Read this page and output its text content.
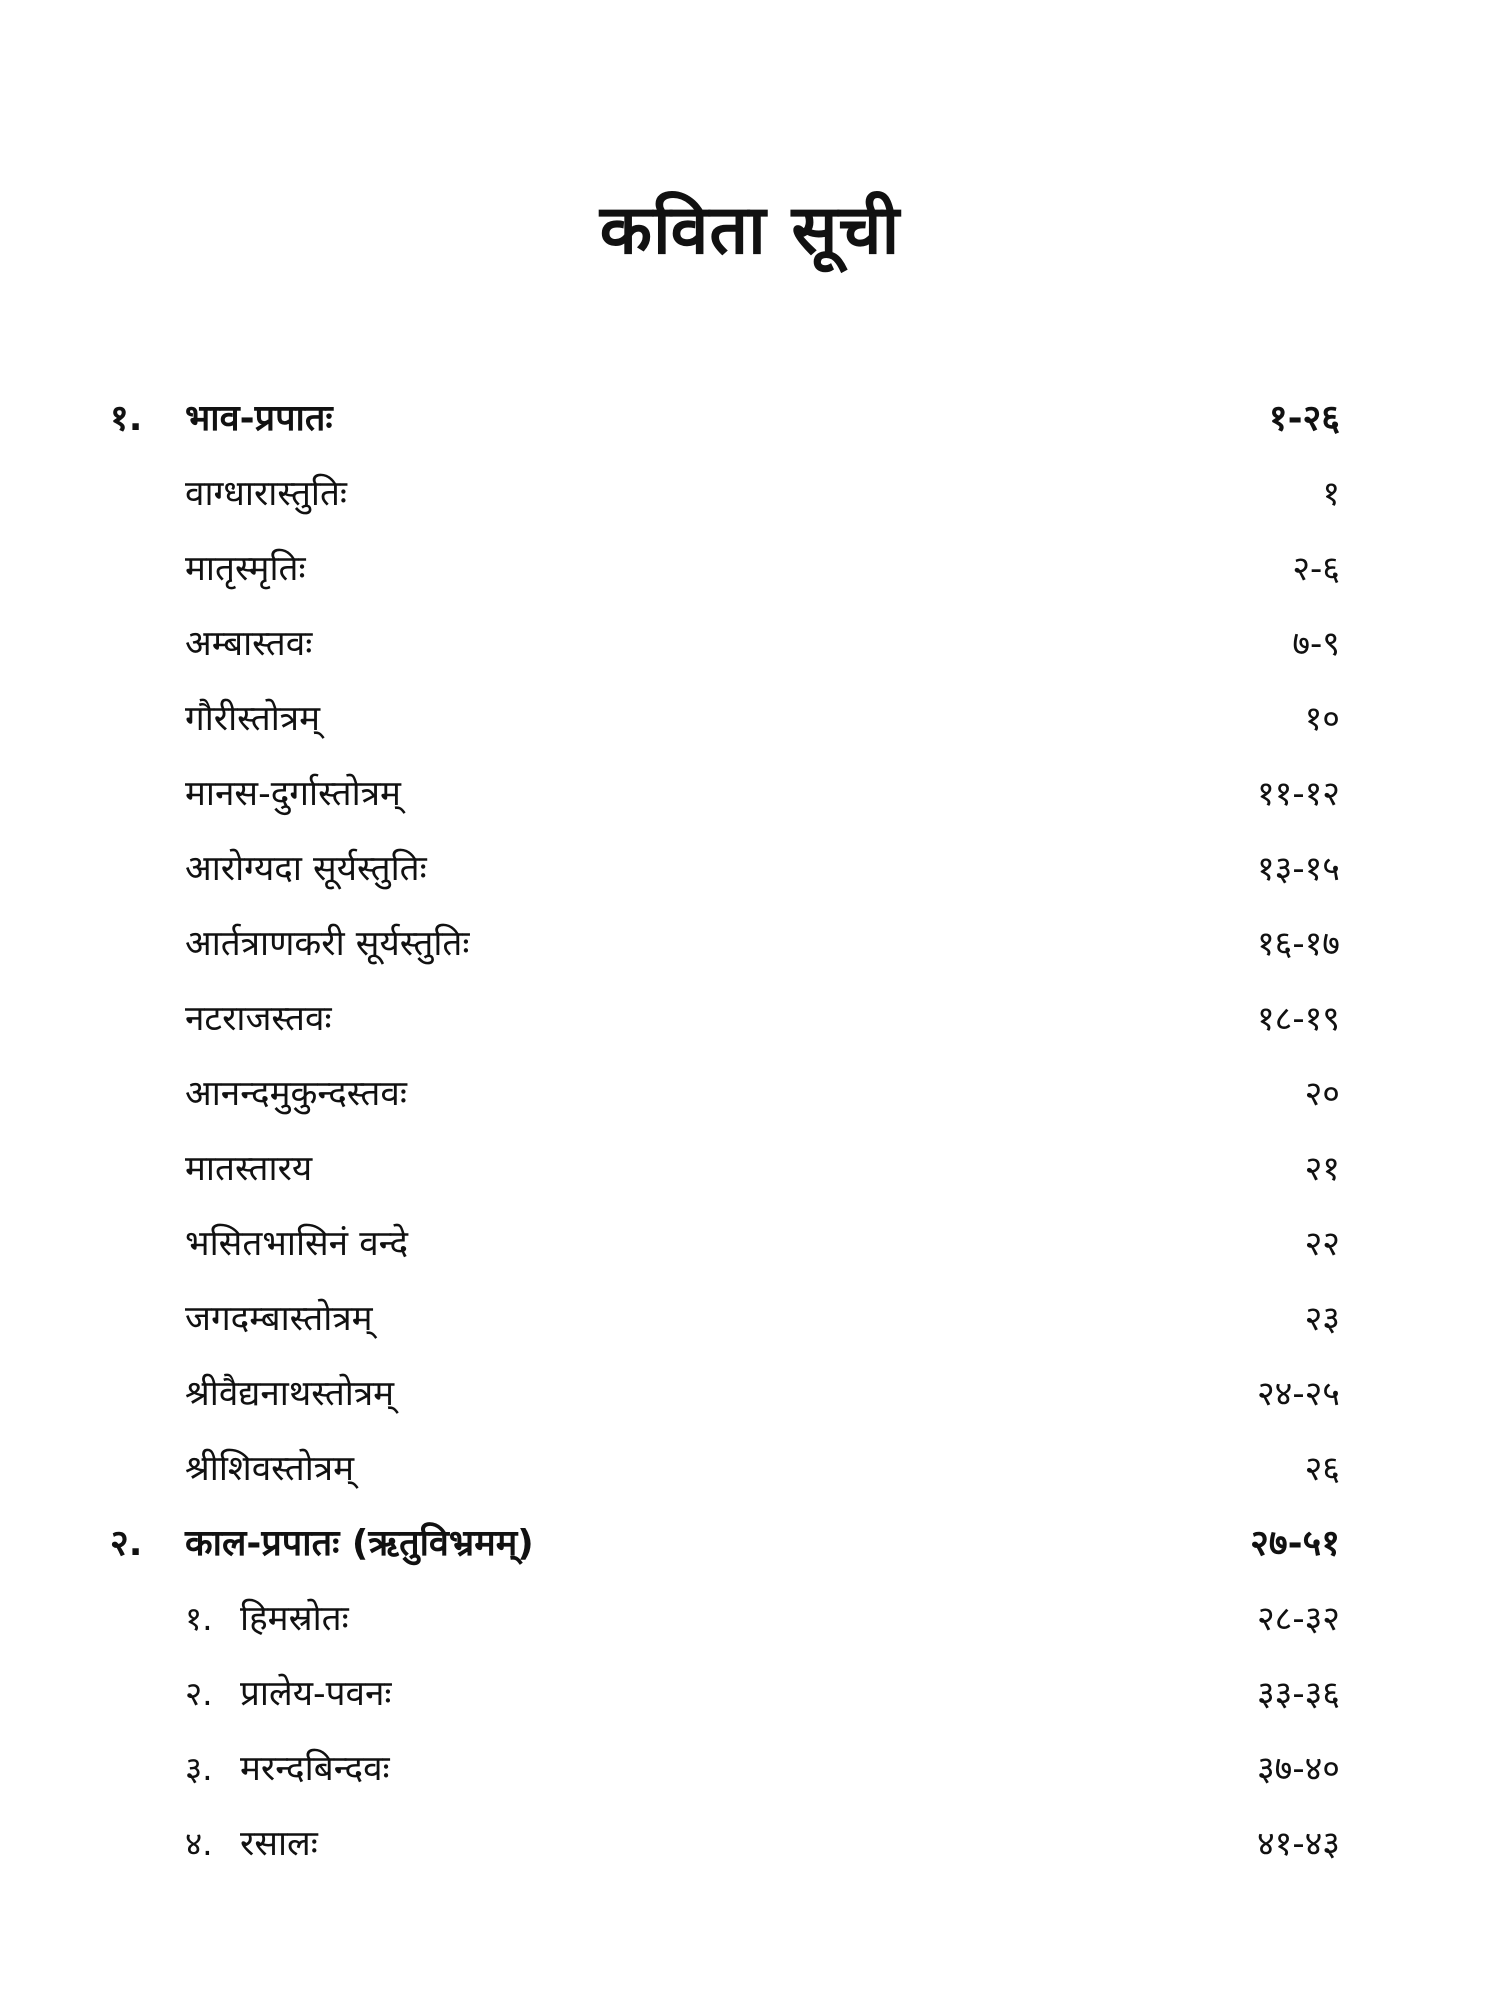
कविता सूची
१. भाव-प्रपातः	१-२६
वाग्धारास्तुतिः	१
मातृस्मृतिः	२-६
अम्बास्तवः	७-९
गौरीस्तोत्रम्	१०
मानस-दुर्गास्तोत्रम्	११-१२
आरोग्यदा सूर्यस्तुतिः	१३-१५
आर्तत्राणकरी सूर्यस्तुतिः	१६-१७
नटराजस्तवः	१८-१९
आनन्दमुकुन्दस्तवः	२०
मातस्तारय	२१
भसितभासिनं वन्दे	२२
जगदम्बास्तोत्रम्	२३
श्रीवैद्यनाथस्तोत्रम्	२४-२५
श्रीशिवस्तोत्रम्	२६
२. काल-प्रपातः (ऋतुविभ्रमम्)	२७-५१
१. हिमस्रोतः	२८-३२
२. प्रालेय-पवनः	३३-३६
३. मरन्दबिन्दवः	३७-४०
४. रसालः	४१-४३
